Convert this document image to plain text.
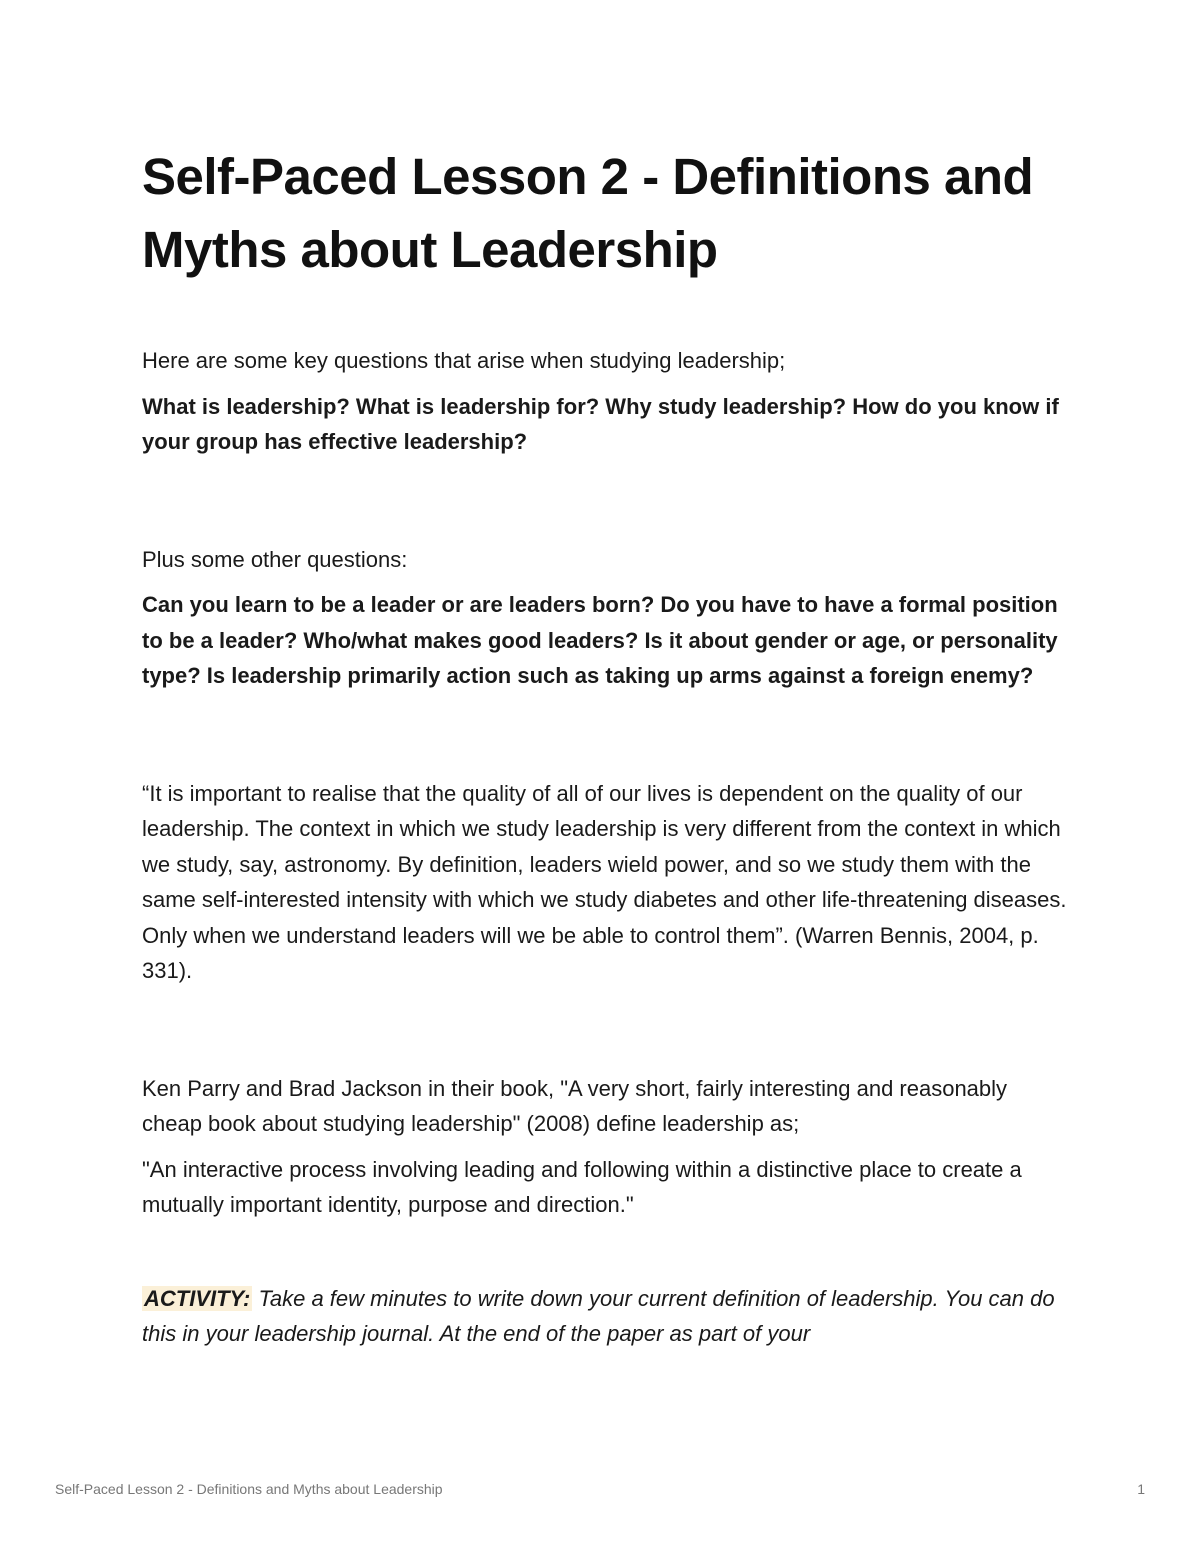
Self-Paced Lesson 2 - Definitions and Myths about Leadership

Here are some key questions that arise when studying leadership;

What is leadership? What is leadership for? Why study leadership? How do you know if your group has effective leadership?

Plus some other questions:

Can you learn to be a leader or are leaders born? Do you have to have a formal position to be a leader? Who/what makes good leaders? Is it about gender or age, or personality type? Is leadership primarily action such as taking up arms against a foreign enemy?

“It is important to realise that the quality of all of our lives is dependent on the quality of our leadership. The context in which we study leadership is very different from the context in which we study, say, astronomy. By definition, leaders wield power, and so we study them with the same self-interested intensity with which we study diabetes and other life-threatening diseases. Only when we understand leaders will we be able to control them”. (Warren Bennis, 2004, p. 331).

Ken Parry and Brad Jackson in their book, "A very short, fairly interesting and reasonably cheap book about studying leadership" (2008) define leadership as;

"An interactive process involving leading and following within a distinctive place to create a mutually important identity, purpose and direction."

ACTIVITY: Take a few minutes to write down your current definition of leadership. You can do this in your leadership journal. At the end of the paper as part of your

Self-Paced Lesson 2 - Definitions and Myths about Leadership	1
